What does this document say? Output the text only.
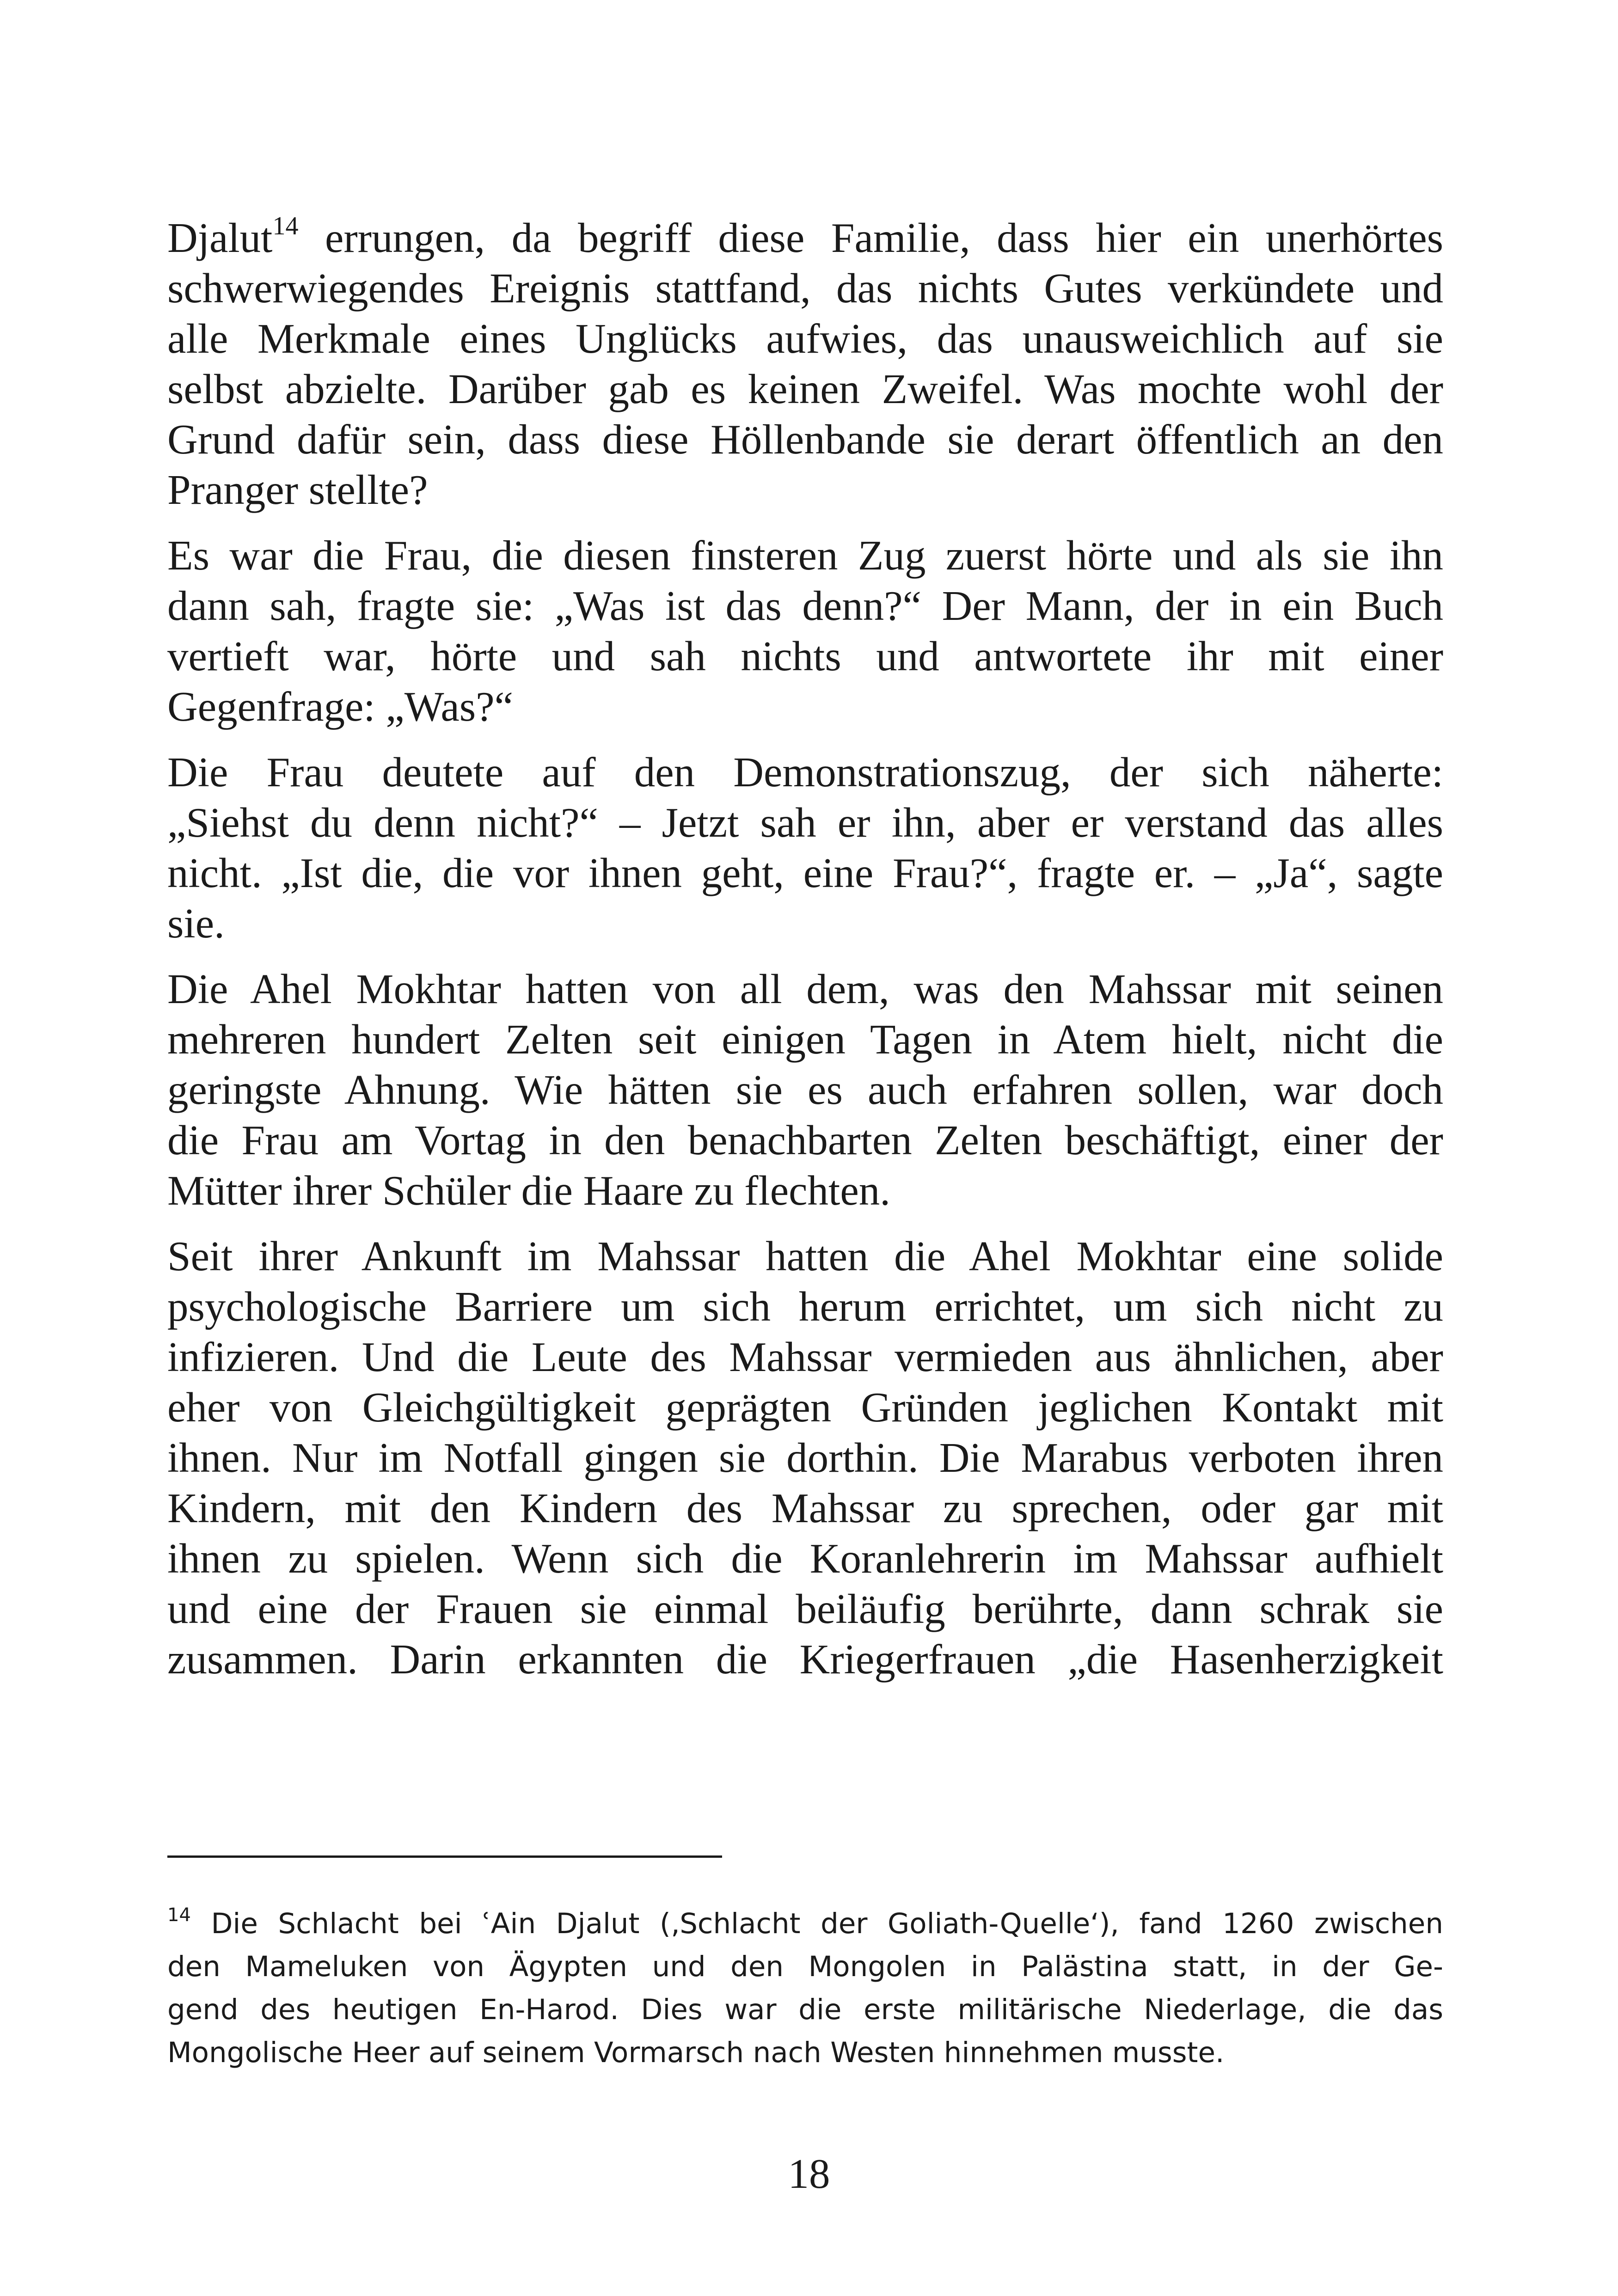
Djalut$^{14}$ errungen, da begriff diese Familie, dass hier ein unerhörtes
schwerwiegendes Ereignis stattfand, das nichts Gutes verkündete und
alle Merkmale eines Unglücks aufwies, das unausweichlich auf sie
selbst abzielte. Darüber gab es keinen Zweifel. Was mochte wohl der
Grund dafür sein, dass diese Höllenbande sie derart öffentlich an den
Pranger stellte?
Es war die Frau, die diesen finsteren Zug zuerst hörte und als sie ihn
dann sah, fragte sie: „Was ist das denn?“ Der Mann, der in ein Buch
vertieft war, hörte und sah nichts und antwortete ihr mit einer
Gegenfrage: „Was?“
Die Frau deutete auf den Demonstrationszug, der sich näherte:
„Siehst du denn nicht?“ – Jetzt sah er ihn, aber er verstand das alles
nicht. „Ist die, die vor ihnen geht, eine Frau?“, fragte er. – „Ja“, sagte
sie.
Die Ahel Mokhtar hatten von all dem, was den Mahssar mit seinen
mehreren hundert Zelten seit einigen Tagen in Atem hielt, nicht die
geringste Ahnung. Wie hätten sie es auch erfahren sollen, war doch
die Frau am Vortag in den benachbarten Zelten beschäftigt, einer der
Mütter ihrer Schüler die Haare zu flechten.
Seit ihrer Ankunft im Mahssar hatten die Ahel Mokhtar eine solide
psychologische Barriere um sich herum errichtet, um sich nicht zu
infizieren. Und die Leute des Mahssar vermieden aus ähnlichen, aber
eher von Gleichgültigkeit geprägten Gründen jeglichen Kontakt mit
ihnen. Nur im Notfall gingen sie dorthin. Die Marabus verboten ihren
Kindern, mit den Kindern des Mahssar zu sprechen, oder gar mit
ihnen zu spielen. Wenn sich die Koranlehrerin im Mahssar aufhielt
und eine der Frauen sie einmal beiläufig berührte, dann schrak sie
zusammen. Darin erkannten die Kriegerfrauen „die Hasenherzigkeit
$^{14}$ Die Schlacht bei ʿAin Djalut (‚Schlacht der Goliath-Quelle‘), fand 1260 zwischen
den Mameluken von Ägypten und den Mongolen in Palästina statt, in der Ge-
gend des heutigen En-Harod. Dies war die erste militärische Niederlage, die das
Mongolische Heer auf seinem Vormarsch nach Westen hinnehmen musste.
18
